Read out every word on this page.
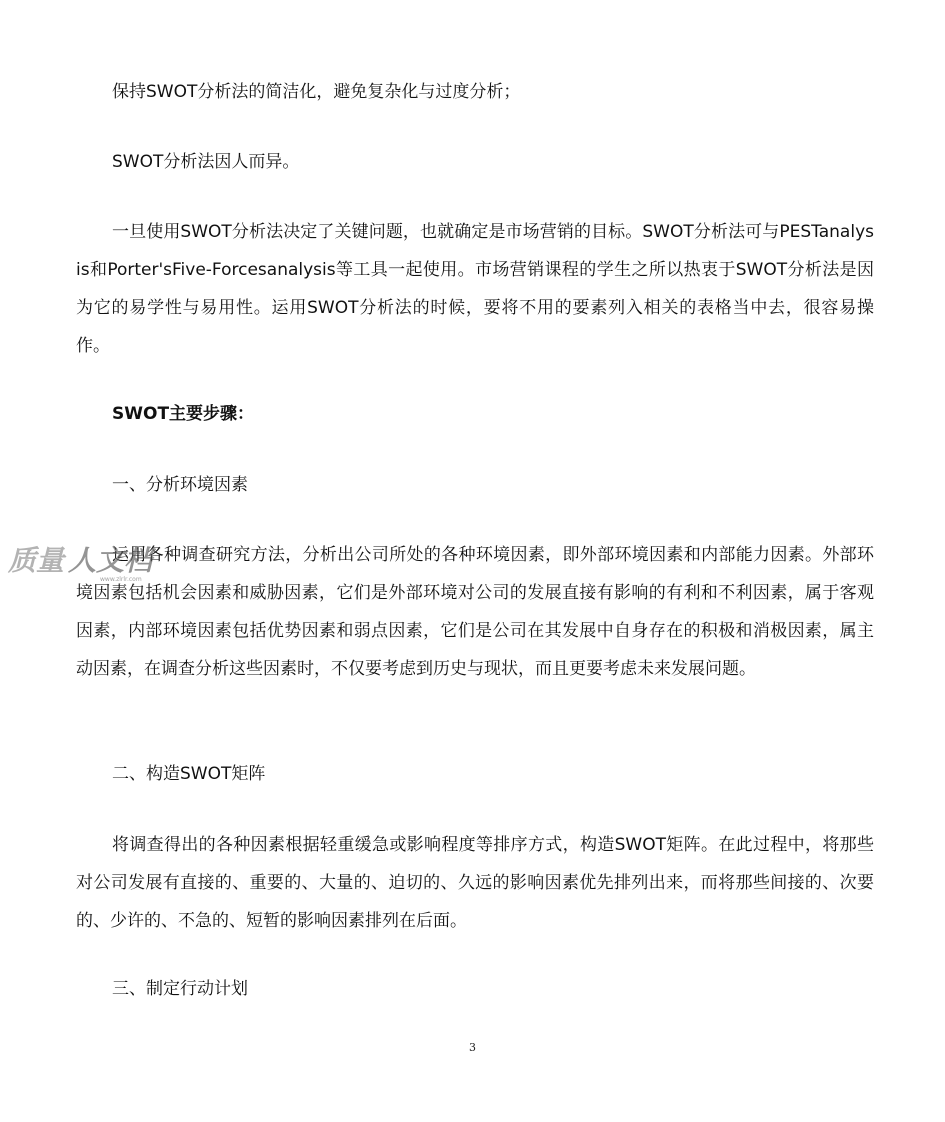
保持SWOT分析法的简洁化，避免复杂化与过度分析；

SWOT分析法因人而异。

一旦使用SWOT分析法决定了关键问题，也就确定是市场营销的目标。SWOT分析法可与PESTanalysis和Porter'sFive-Forcesanalysis等工具一起使用。市场营销课程的学生之所以热衷于SWOT分析法是因为它的易学性与易用性。运用SWOT分析法的时候，要将不用的要素列入相关的表格当中去，很容易操作。

SWOT主要步骤：

一、分析环境因素

运用各种调查研究方法，分析出公司所处的各种环境因素，即外部环境因素和内部能力因素。外部环境因素包括机会因素和威胁因素，它们是外部环境对公司的发展直接有影响的有利和不利因素，属于客观因素，内部环境因素包括优势因素和弱点因素，它们是公司在其发展中自身存在的积极和消极因素，属主动因素，在调查分析这些因素时，不仅要考虑到历史与现状，而且更要考虑未来发展问题。

二、构造SWOT矩阵

将调查得出的各种因素根据轻重缓急或影响程度等排序方式，构造SWOT矩阵。在此过程中，将那些对公司发展有直接的、重要的、大量的、迫切的、久远的影响因素优先排列出来，而将那些间接的、次要的、少许的、不急的、短暂的影响因素排列在后面。

三、制定行动计划

3
质量 人文档
www.zlrlr.com
